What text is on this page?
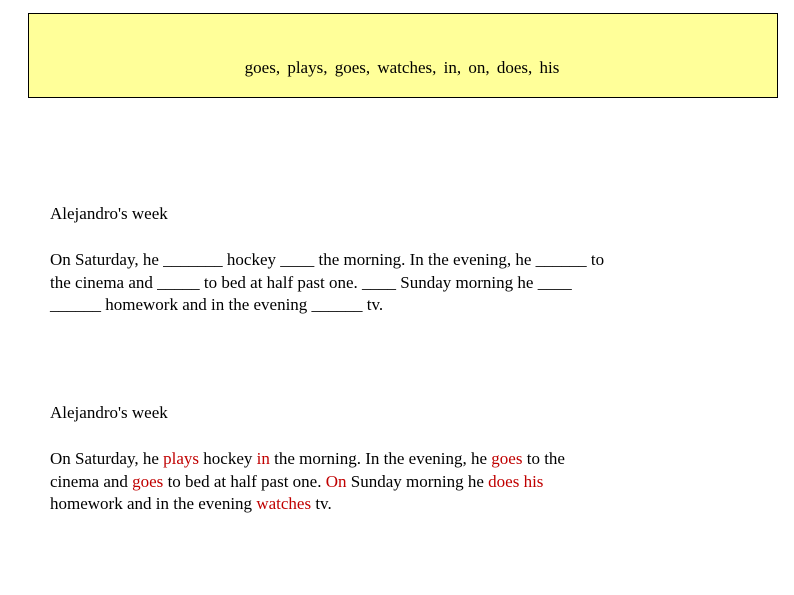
goes, plays, goes, watches, in, on, does, his
Alejandro's week
On Saturday, he _______ hockey ____ the morning. In the evening, he ______ to
the cinema and _____ to bed at half past one. ____ Sunday morning he ____
______ homework and in the evening ______ tv.
Alejandro's week
On Saturday, he plays hockey in the morning. In the evening, he goes to the
cinema and goes to bed at half past one. On Sunday morning he does his
homework and in the evening watches tv.
